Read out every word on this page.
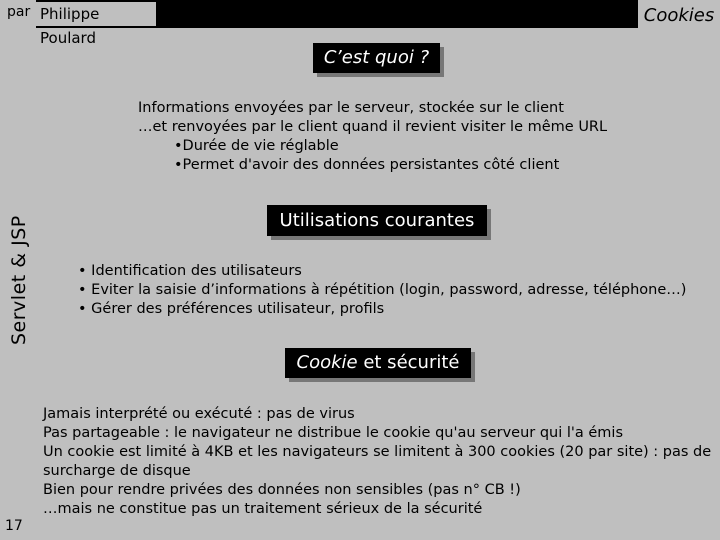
Servlet & JSP
17
par Philippe Poulard
Cookies
C’est quoi ?
Informations envoyées par le serveur, stockée sur le client
…et renvoyées par le client quand il revient visiter le même URL
•Durée de vie réglable
•Permet d'avoir des données persistantes côté client
Utilisations courantes
• Identification des utilisateurs
• Eviter la saisie d’informations à répétition (login, password, adresse, téléphone…)
• Gérer des préférences utilisateur, profils
Cookie et sécurité
Jamais interprété ou exécuté : pas de virus
Pas partageable : le navigateur ne distribue le cookie qu'au serveur qui l'a émis
Un cookie est limité à 4KB et les navigateurs se limitent à 300 cookies (20 par site) : pas de surcharge de disque
Bien pour rendre privées des données non sensibles (pas n° CB !)
…mais ne constitue pas un traitement sérieux de la sécurité
